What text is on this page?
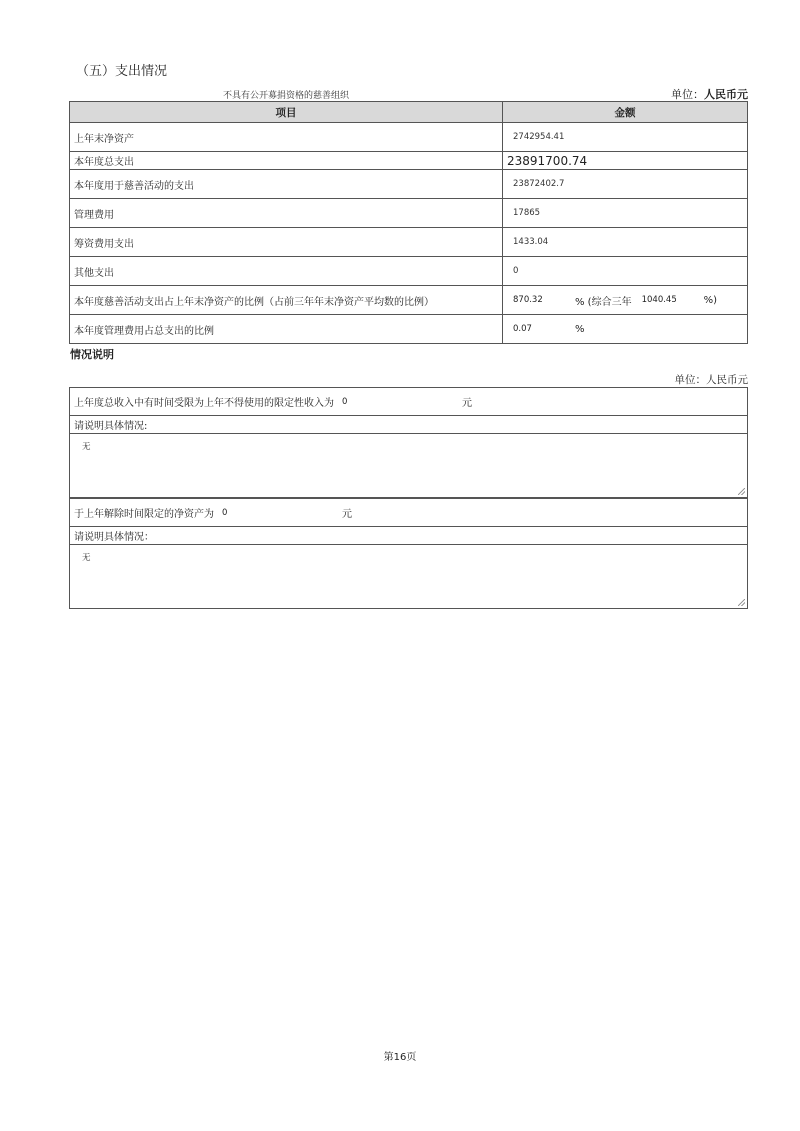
（五）支出情况
不具有公开募捐资格的慈善组织	单位：人民币元
项目	金额
上年末净资产	2742954.41
本年度总支出	23891700.74
本年度用于慈善活动的支出	23872402.7
管理费用	17865
筹资费用支出	1433.04
其他支出	0
本年度慈善活动支出占上年末净资产的比例（占前三年年末净资产平均数的比例）	870.32 % (综合三年 1040.45 %)

本年度管理费用占总支出的比例	0.07 %
情况说明
单位：人民币元
上年度总收入中有时间受限为上年不得使用的限定性收入为 0	元
请说明具体情况:
无
于上年解除时间限定的净资产为 0	元
请说明具体情况：
无
第16页
